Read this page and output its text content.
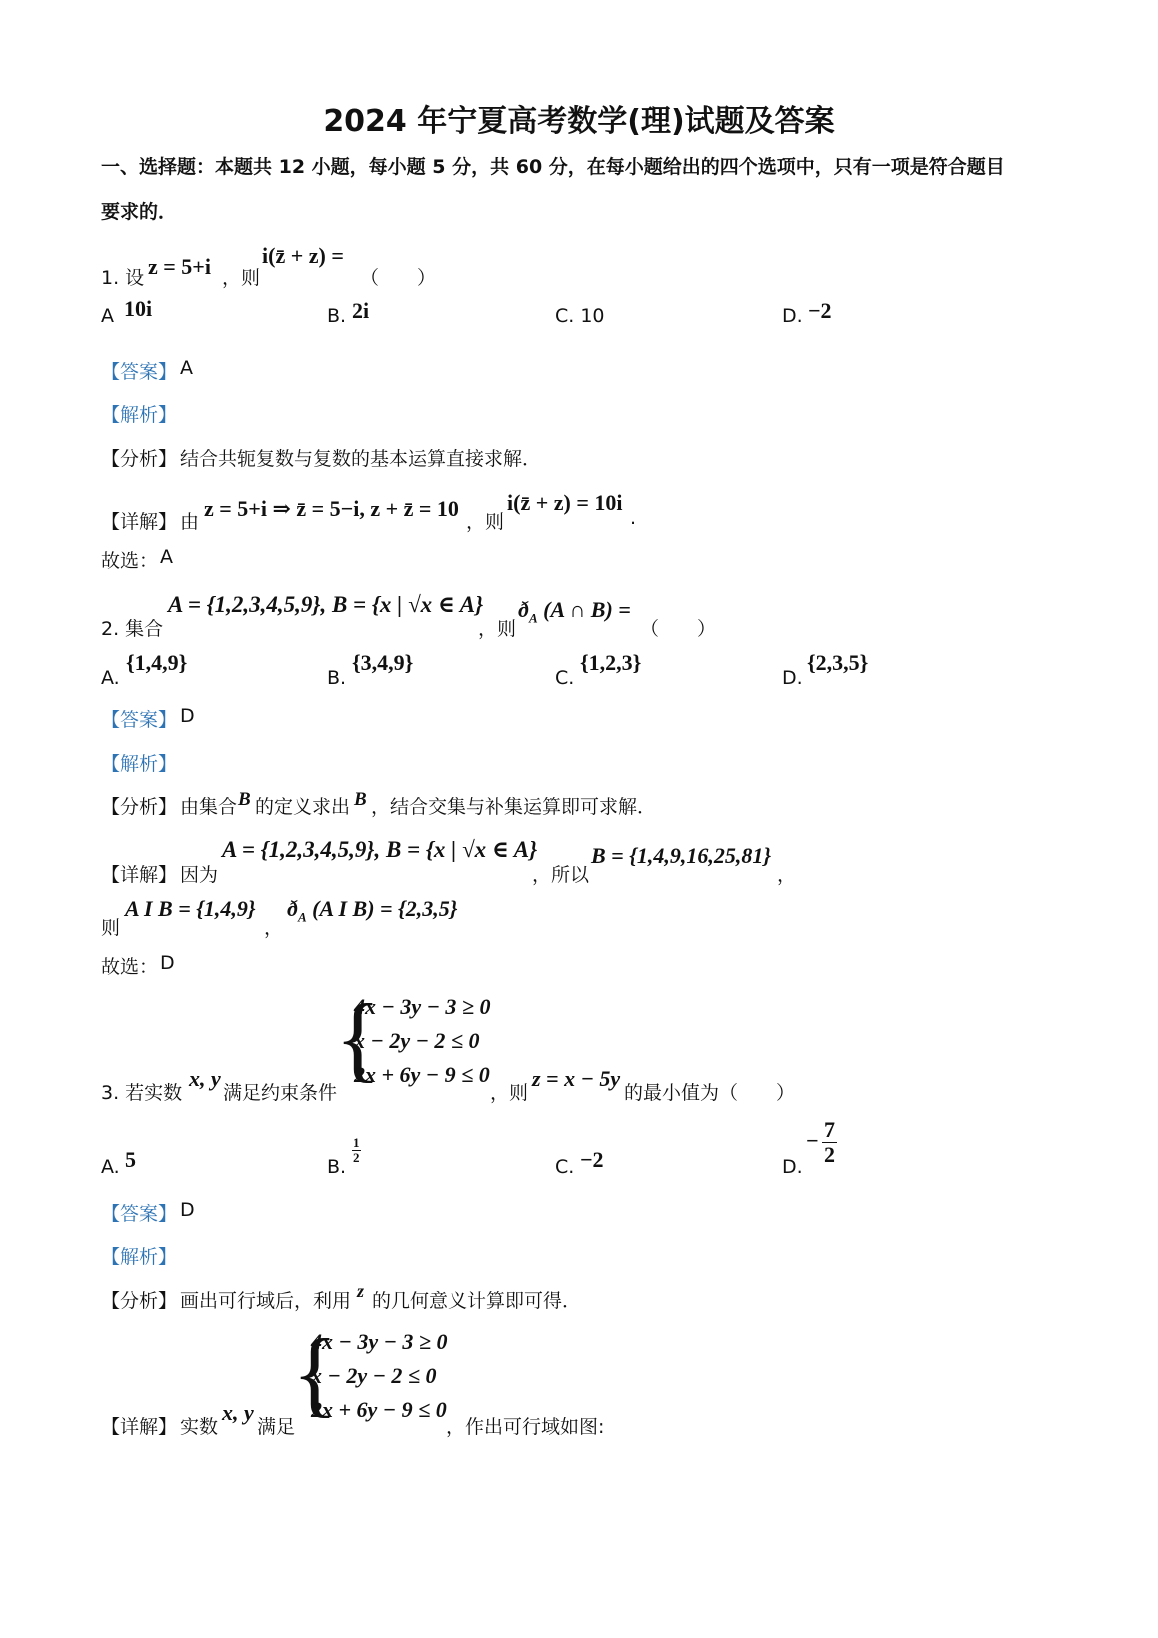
2024 年宁夏高考数学(理)试题及答案
一、选择题：本题共 12 小题，每小题 5 分，共 60 分，在每小题给出的四个选项中，只有一项是符合题目
要求的．
1. 设 z = 5+i ，则
i(z̄ + z) =
（　　）
A 10i	B. 2i	C. 10	D. −2
【答案】 A
【解析】
【分析】 结合共轭复数与复数的基本运算直接求解．
【详解】 由
z = 5+i ⇒ z̄ = 5−i, z + z̄ = 10
，则
i(z̄ + z) = 10i
.
故选： A
2. 集合
A = {1,2,3,4,5,9}, B = {x | √x ∈ A}
，则
$ð_A$ (A ∩ B) =
（　　）
A.
{1,4,9}
B.
{3,4,9}
C.
{1,2,3}
D.
{2,3,5}
【答案】 D
【解析】
【分析】 由集合 B 的定义求出 B ，结合交集与补集运算即可求解．
【详解】 因为
A = {1,2,3,4,5,9}, B = {x | √x ∈ A}
，所以
B = {1,4,9,16,25,81}
，
则
A I B = {1,4,9}
，
$ð_A$ (A I B) = {2,3,5}
故选： D
3. 若实数
x, y
满足约束条件
{
4x − 3y − 3 ≥ 0
x − 2y − 2 ≤ 0
2x + 6y − 9 ≤ 0
，则
z = x − 5y
的最小值为（　　）
A. 5	B.
$\frac{1}{2}$
C. −2	D.
− $\frac{7}{2}$
【答案】 D
【解析】
【分析】 画出可行域后，利用 z 的几何意义计算即可得．
【详解】 实数
x, y
满足
{
4x − 3y − 3 ≥ 0
x − 2y − 2 ≤ 0
2x + 6y − 9 ≤ 0
，作出可行域如图:
